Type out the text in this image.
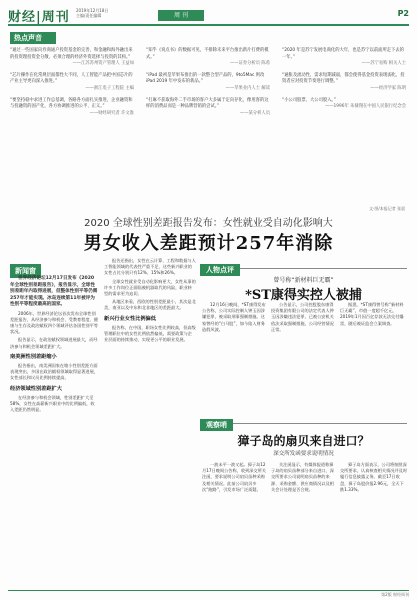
财经|周刊 2019年12月18日
主编/责任编辑	周 刊	P2
热点声音

“通过一些国家向券商通户投资基金的完善，和金融和海外融出来的投资理投资金分散，必须合理的经济外资选择与投资的其构。”
——江苏苏州资产管理人 王益如

“芯片操作在化常规层面都性大不同，人工智能产品把中国芯片的产业主导更向深入推进。”
——浙江电子工程院 主编

“要坚持稳中求进工作总基调，各路各方面扎实推进，企业融资和与投融资的国产化，各方协调推进的公平、正义。”
——财经研究者 许文淮

“知乎《说点书》的数据可见，不排除未来平台推出新片打费的模式。”
——证券分析员 陈希

“iPad 最初是苹果布推出的一款整合型产品的，9to5Mac 则改 iPad 2019 年中发布的新品。”
——苹果业内人士 解读

“打麻不获取海外二手市场的客户大多属于定向存化，像用客的这样的消费品而是一种品牌营销的尝试。”
——某分析人员

“2020 年是苏宁发展电商化的大年，也是苏宁以前面所走下去的一年。”
——苏宁易购 相关人士

“通胀及流动性，需求短期减弱，都会使得基金投资表现弱化，投资者应对投资节奏进行调整。”
——经济学家 陈明

“小公司股票、大公司股入。”
——1996年 朱棣翔在中国人民银行纪念会

文·图/本报记者 张晨
2020 全球性别差距报告发布：女性就业受自动化影响大
男女收入差距预计257年消除
新闻窗

世界经济论坛12月17日发布《2020年全球性别差距报告》，报告显示，全球性别差距年内取得进展，但整体性别平等仍需257年才能实现。冰岛连续第11年被评为性别平等程度最高的国家。

2006年，世界经济论坛首次发布全球性别差距报告，从经济参与和机会、受教育程度、健康与生存及政治赋权四个领域评估各国性别平等状况。

报告显示，在政治赋权领域进展最大，而经济参与和机会领域差距扩大。

南美洲性别差距缩小

报告指出，南美洲国家在缩小性别差距方面表现突出，多国在政治赋权领域取得显著进展，女性部长和议员比例持续提高。

经济领域性别差距扩大

在经济参与和机会领域，性别差距扩大至58%，女性在高薪新兴职业中的比例偏低，收入差距仍然明显。

报告还指出，女性在云计算、工程和数据与人工智能领域的代表性严重不足，这些新兴职业的女性占比分别只有12%、15%和26%。

全球女性就业受自动化影响更大，女性从事的许多工作岗位正面临被机器取代的风险，职业转型的需求更为迫切。

从地区来看，西欧的性别差距最小，其次是北美，南亚以及中东和北非地区的差距最大。

新兴行业女性比例偏低

报告称，在中国，职场女性比例较高，但高级管理职位中的女性比例依然偏低，需要政策与企业层面的持续推动，实现更公平的职业发展。

人物点评
曾号称“新材料巨无霸”
*ST康得实控人被捕

12月16日晚间，*ST康得发布公告称，公司实际控制人钟玉因涉嫌犯罪，被采取刑事强制措施。这家曾经的“白马股”，如今陷入财务造假风波。

公告显示，公司控股股东康得投资集团有限公司的法定代表人钟玉因涉嫌违法犯罪，已被公安机关依法采取强制措施，公司经营情况正常。

据悉，*ST康得曾号称“新材料巨无霸”，市值一度超千亿元，2019年1月因百亿存款无法兑付爆雷，随后被证监会立案调查。

观察哨
獐子岛的扇贝来自进口？
深交所发函要求说明情况

一波未平一波又起。獐子岛12月17日晚间公告称，收到深交所关注函，要求说明公司扇贝苗种采购及相关情况。此前公司扇贝多次“跑路”，引发市场广泛质疑。

关注函显示，有媒体报道称獐子岛的扇贝苗种部分来自进口，深交所要求公司说明扇贝苗种的来源、采购金额、供应商情况以及相关会计处理是否合规。

獐子岛方面表示，公司将按照深交所要求，认真核查相关情况并及时履行信息披露义务。截至17日收盘，獐子岛股价报2.96元，全天下跌1.33%。

第2版 财经周刊
